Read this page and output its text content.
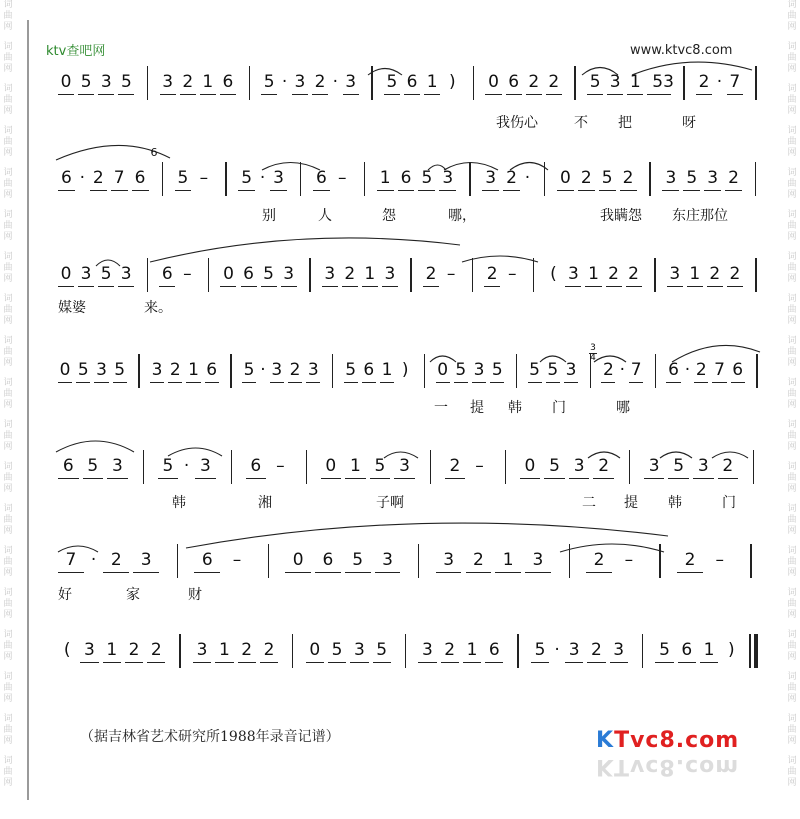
词
曲
网
词
曲
网
词
曲
网
词
曲
网
词
曲
网
词
曲
网
词
曲
网
词
曲
网
词
曲
网
词
曲
网
词
曲
网
词
曲
网
词
曲
网
词
曲
网
词
曲
网
词
曲
网
词
曲
网
词
曲
网
词
曲
网
词
曲
网
词
曲
网
词
曲
网
词
曲
网
词
曲
网
词
曲
网
词
曲
网
词
曲
网
词
曲
网
词
曲
网
词
曲
网
词
曲
网
词
曲
网
词
曲
网
词
曲
网
词
曲
网
词
曲
网
词
曲
网
词
曲
网
ktv查吧网	www.ktvc8.com
0 5 3 5 3 2 1 6 5 · 3 2 · 3 5 6 1 ) 0 6 2 2 5 3 1 53 2 · 7
6 · 2 7 6 5 – 5 · 3 6 – 1 6 5 3 3 2 · 0 2 5 2 3 5 3 2
0 3 5 3 6 – 0 6 5 3 3 2 1 3 2 – 2 – ( 3 1 2 2 3 1 2 2
0 5 3 5 3 2 1 6 5 · 3 2 3 5 6 1 ) 0 5 3 5 5 5 3 2 · 7 6 · 2 7 6
6 5 3 5 · 3 6 – 0 1 5 3 2 – 0 5 3 2 3 5 3 2
7 · 2 3	6 –	0 6 5 3	3 2 1 3	2 –	2 –
( 3 1 2 2 3 1 2 2 0 5 3 5 3 2 1 6 5 · 3 2 3 5 6 1 )
我伤心	不 把	呀
别	人	怨	哪，	我瞒怨 东庄那位
媒婆	来。
一 提 韩 门	哪
韩	湘	子啊	二 提 韩	门
好	家	财
6
3
4
（据吉林省艺术研究所1988年录音记谱）	KTvc8.com
KTvc8.com
